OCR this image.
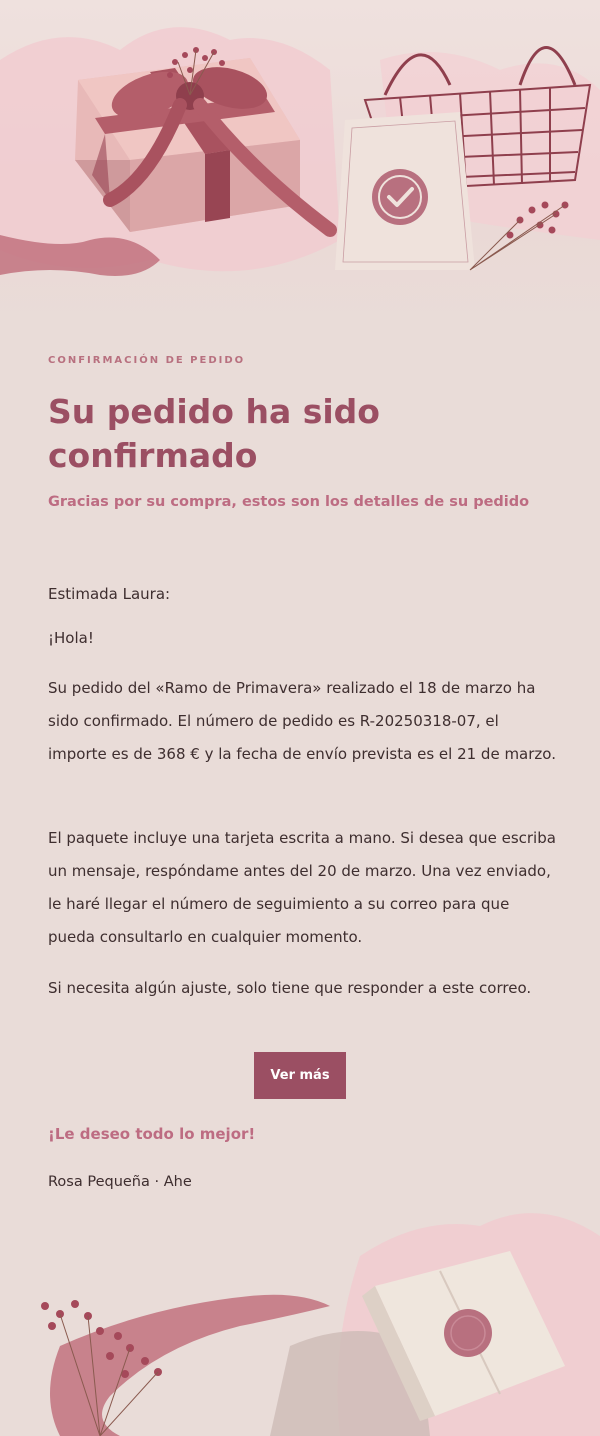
CONFIRMACIÓN DE PEDIDO
Su pedido ha sido confirmado
Gracias por su compra, estos son los detalles de su pedido

Estimada Laura:

¡Hola!

Su pedido del «Ramo de Primavera» realizado el 18 de marzo ha sido confirmado. El número de pedido es R-20250318-07, el importe es de 368 € y la fecha de envío prevista es el 21 de marzo.

El paquete incluye una tarjeta escrita a mano. Si desea que escriba un mensaje, respóndame antes del 20 de marzo. Una vez enviado, le haré llegar el número de seguimiento a su correo para que pueda consultarlo en cualquier momento.

Si necesita algún ajuste, solo tiene que responder a este correo.

Ver más
¡Le deseo todo lo mejor!
Rosa Pequeña · Ahe
